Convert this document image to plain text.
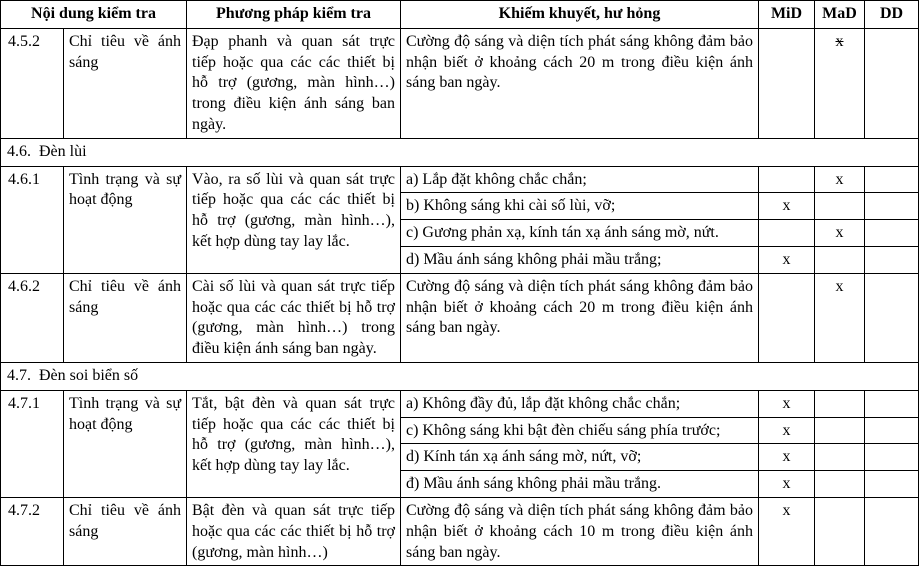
Nội dung kiểm tra		Phương pháp kiểm tra	Khiếm khuyết, hư hỏng	MiD	MaD	DD
4.5.2	Chỉ tiêu về ánh sáng	Đạp phanh và quan sát trực tiếp hoặc qua các các thiết bị hỗ trợ (gương, màn hình…) trong điều kiện ánh sáng ban ngày.	Cường độ sáng và diện tích phát sáng không đảm bảo nhận biết ở khoảng cách 20 m trong điều kiện ánh sáng ban ngày.		x	
4.6.  Đèn lùi						
4.6.1	Tình trạng và sự hoạt động	Vào, ra số lùi và quan sát trực tiếp hoặc qua các các thiết bị hỗ trợ (gương, màn hình…), kết hợp dùng tay lay lắc.	a) Lắp đặt không chắc chắn;		x	
			b) Không sáng khi cài số lùi, vỡ;	x		
			c) Gương phản xạ, kính tán xạ ánh sáng mờ, nứt.		x	
			d) Mầu ánh sáng không phải mầu trắng;	x		
4.6.2	Chỉ tiêu về ánh sáng	Cài số lùi và quan sát trực tiếp hoặc qua các các thiết bị hỗ trợ (gương, màn hình…) trong điều kiện ánh sáng ban ngày.	Cường độ sáng và diện tích phát sáng không đảm bảo nhận biết ở khoảng cách 20 m trong điều kiện ánh sáng ban ngày.		x	
4.7.  Đèn soi biển số						
4.7.1	Tình trạng và sự hoạt động	Tắt, bật đèn và quan sát trực tiếp hoặc qua các các thiết bị hỗ trợ (gương, màn hình…), kết hợp dùng tay lay lắc.	a) Không đầy đủ, lắp đặt không chắc chắn;	x		
			c) Không sáng khi bật đèn chiếu sáng phía trước;	x		
			d) Kính tán xạ ánh sáng mờ, nứt, vỡ;	x		
			đ) Mầu ánh sáng không phải mầu trắng.	x		
4.7.2	Chỉ tiêu về ánh sáng	Bật đèn và quan sát trực tiếp hoặc qua các các thiết bị hỗ trợ (gương, màn hình…)	Cường độ sáng và diện tích phát sáng không đảm bảo nhận biết ở khoảng cách 10 m trong điều kiện ánh sáng ban ngày.	x		
